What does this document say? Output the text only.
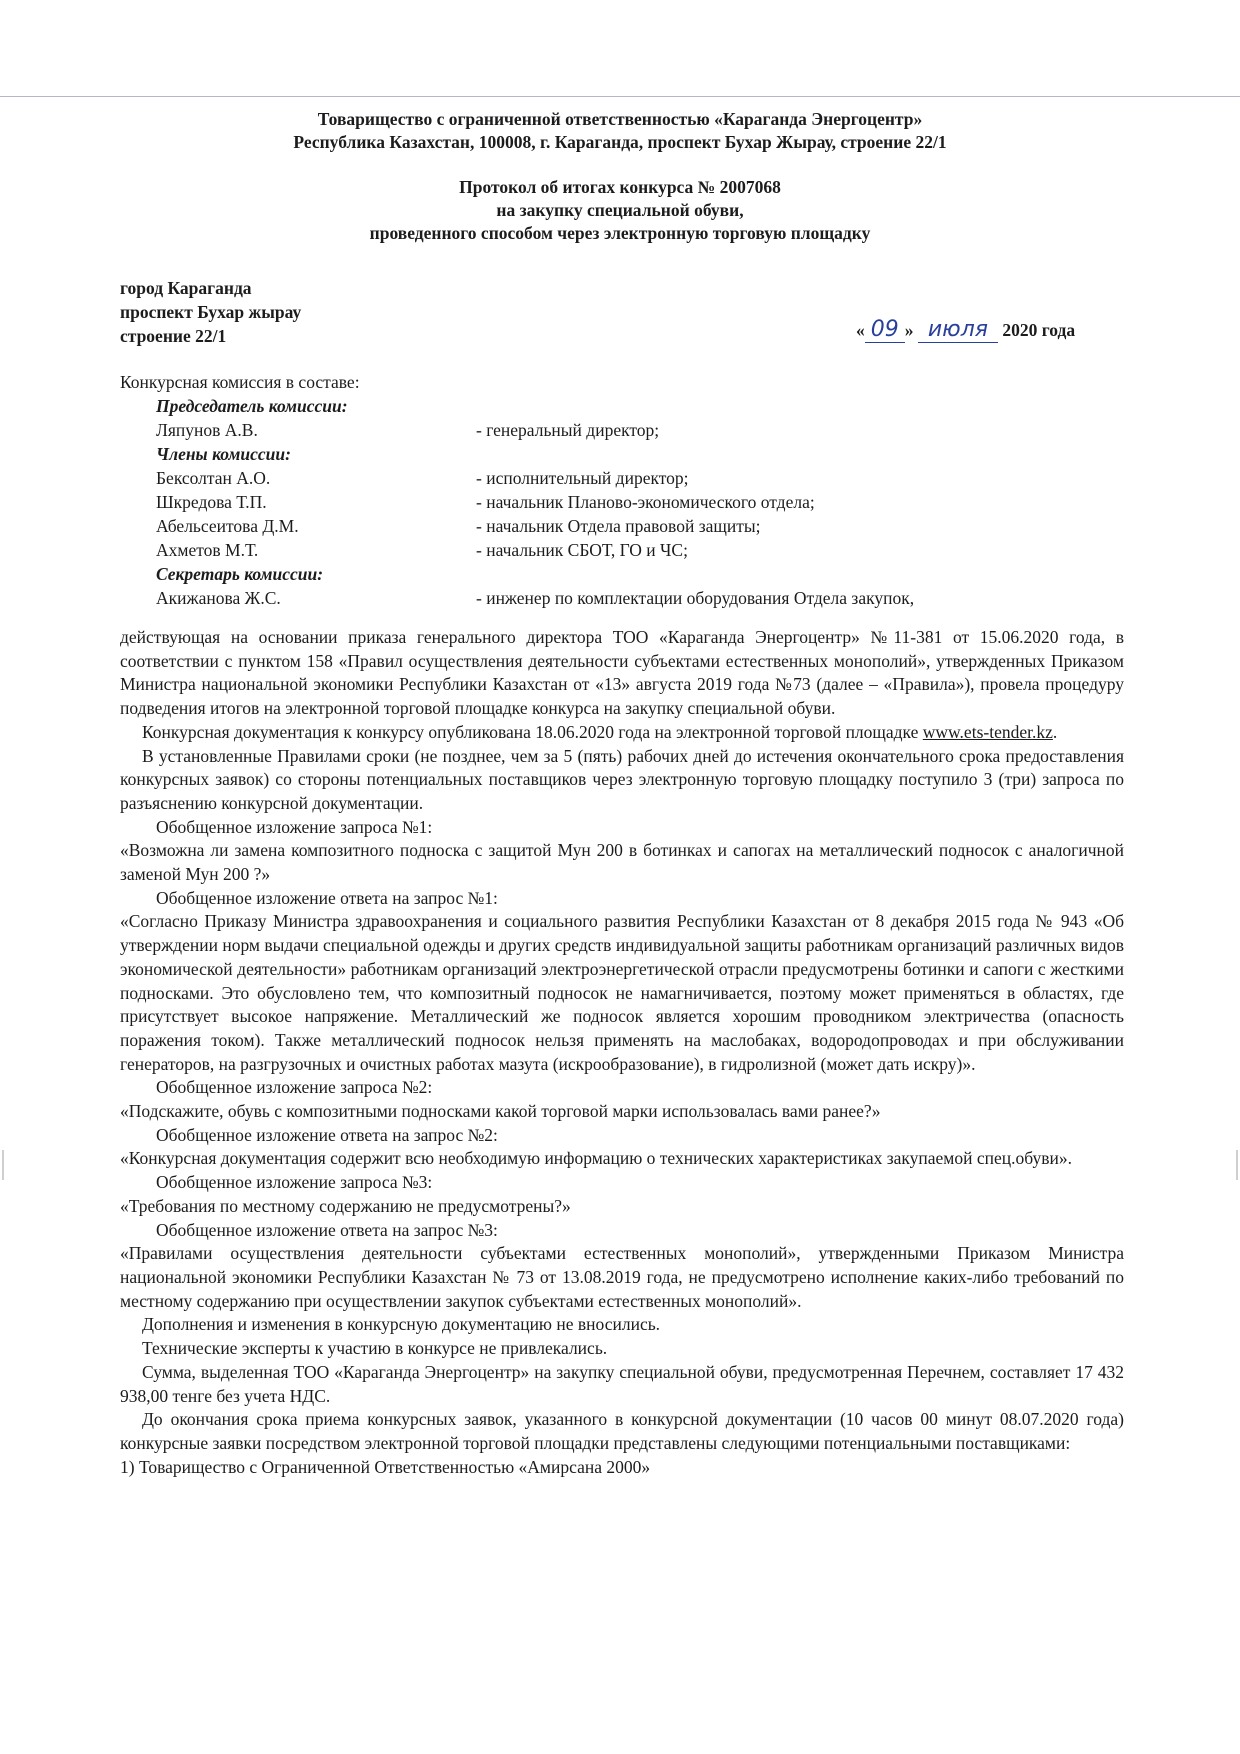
Товарищество с ограниченной ответственностью «Караганда Энергоцентр»
Республика Казахстан, 100008, г. Караганда, проспект Бухар Жырау, строение 22/1
Протокол об итогах конкурса № 2007068
на закупку специальной обуви,
проведенного способом через электронную торговую площадку
город Караганда
проспект Бухар жырау
строение 22/1	« 09 » июля 2020 года
Конкурсная комиссия в составе:
Председатель комиссии:
Ляпунов А.В.	- генеральный директор;
Члены комиссии:
Бексолтан А.О.	- исполнительный директор;
Шкредова Т.П.	- начальник Планово-экономического отдела;
Абельсеитова Д.М.	- начальник Отдела правовой защиты;
Ахметов М.Т.	- начальник СБОТ, ГО и ЧС;
Секретарь комиссии:
Акижанова Ж.С.	- инженер по комплектации оборудования Отдела закупок,

действующая на основании приказа генерального директора ТОО «Караганда Энергоцентр» №11-381 от 15.06.2020 года, в соответствии с пунктом 158 «Правил осуществления деятельности субъектами естественных монополий», утвержденных Приказом Министра национальной экономики Республики Казахстан от «13» августа 2019 года №73 (далее – «Правила»), провела процедуру подведения итогов на электронной торговой площадке конкурса на закупку специальной обуви.

Конкурсная документация к конкурсу опубликована 18.06.2020 года на электронной торговой площадке www.ets-tender.kz.

В установленные Правилами сроки (не позднее, чем за 5 (пять) рабочих дней до истечения окончательного срока предоставления конкурсных заявок) со стороны потенциальных поставщиков через электронную торговую площадку поступило 3 (три) запроса по разъяснению конкурсной документации.

Обобщенное изложение запроса №1:

«Возможна ли замена композитного подноска с защитой Мун 200 в ботинках и сапогах на металлический подносок с аналогичной заменой Мун 200 ?»

Обобщенное изложение ответа на запрос №1:

«Согласно Приказу Министра здравоохранения и социального развития Республики Казахстан от 8 декабря 2015 года № 943 «Об утверждении норм выдачи специальной одежды и других средств индивидуальной защиты работникам организаций различных видов экономической деятельности» работникам организаций электроэнергетической отрасли предусмотрены ботинки и сапоги с жесткими подносками. Это обусловлено тем, что композитный подносок не намагничивается, поэтому может применяться в областях, где присутствует высокое напряжение. Металлический же подносок является хорошим проводником электричества (опасность поражения током). Также металлический подносок нельзя применять на маслобаках, водородопроводах и при обслуживании генераторов, на разгрузочных и очистных работах мазута (искрообразование), в гидролизной (может дать искру)».

Обобщенное изложение запроса №2:

«Подскажите, обувь с композитными подносками какой торговой марки использовалась вами ранее?»

Обобщенное изложение ответа на запрос №2:

«Конкурсная документация содержит всю необходимую информацию о технических характеристиках закупаемой спец.обуви».

Обобщенное изложение запроса №3:

«Требования по местному содержанию не предусмотрены?»

Обобщенное изложение ответа на запрос №3:

«Правилами осуществления деятельности субъектами естественных монополий», утвержденными Приказом Министра национальной экономики Республики Казахстан № 73 от 13.08.2019 года, не предусмотрено исполнение каких-либо требований по местному содержанию при осуществлении закупок субъектами естественных монополий».

Дополнения и изменения в конкурсную документацию не вносились.

Технические эксперты к участию в конкурсе не привлекались.

Сумма, выделенная ТОО «Караганда Энергоцентр» на закупку специальной обуви, предусмотренная Перечнем, составляет 17 432 938,00 тенге без учета НДС.

До окончания срока приема конкурсных заявок, указанного в конкурсной документации (10 часов 00 минут 08.07.2020 года) конкурсные заявки посредством электронной торговой площадки представлены следующими потенциальными поставщиками:

1) Товарищество с Ограниченной Ответственностью «Амирсана 2000»
